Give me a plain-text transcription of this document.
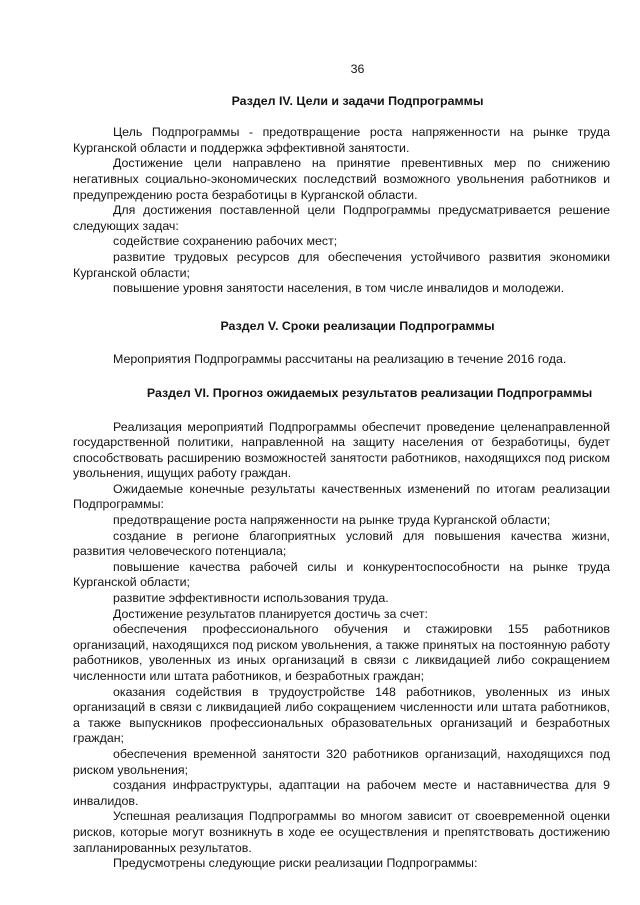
36
Раздел IV. Цели и задачи Подпрограммы

Цель Подпрограммы - предотвращение роста напряженности на рынке труда Курганской области и поддержка эффективной занятости.

Достижение цели направлено на принятие превентивных мер по снижению негативных социально-экономических последствий возможного увольнения работников и предупреждению роста безработицы в Курганской области.

Для достижения поставленной цели Подпрограммы предусматривается решение следующих задач:

содействие сохранению рабочих мест;

развитие трудовых ресурсов для обеспечения устойчивого развития экономики Курганской области;

повышение уровня занятости населения, в том числе инвалидов и молодежи.

Раздел V. Сроки реализации Подпрограммы

Мероприятия Подпрограммы рассчитаны на реализацию в течение 2016 года.

Раздел VI. Прогноз ожидаемых результатов реализации Подпрограммы

Реализация мероприятий Подпрограммы обеспечит проведение целенаправленной государственной политики, направленной на защиту населения от безработицы, будет способствовать расширению возможностей занятости работников, находящихся под риском увольнения, ищущих работу граждан.

Ожидаемые конечные результаты качественных изменений по итогам реализации Подпрограммы:

предотвращение роста напряженности на рынке труда Курганской области;

создание в регионе благоприятных условий для повышения качества жизни, развития человеческого потенциала;

повышение качества рабочей силы и конкурентоспособности на рынке труда Курганской области;

развитие эффективности использования труда.

Достижение результатов планируется достичь за счет:

обеспечения профессионального обучения и стажировки 155 работников организаций, находящихся под риском увольнения, а также принятых на постоянную работу работников, уволенных из иных организаций в связи с ликвидацией либо сокращением численности или штата работников, и безработных граждан;

оказания содействия в трудоустройстве 148 работников, уволенных из иных организаций в связи с ликвидацией либо сокращением численности или штата работников, а также выпускников профессиональных образовательных организаций и безработных граждан;

обеспечения временной занятости 320 работников организаций, находящихся под риском увольнения;

создания инфраструктуры, адаптации на рабочем месте и наставничества для 9 инвалидов.

Успешная реализация Подпрограммы во многом зависит от своевременной оценки рисков, которые могут возникнуть в ходе ее осуществления и препятствовать достижению запланированных результатов.

Предусмотрены следующие риски реализации Подпрограммы:
